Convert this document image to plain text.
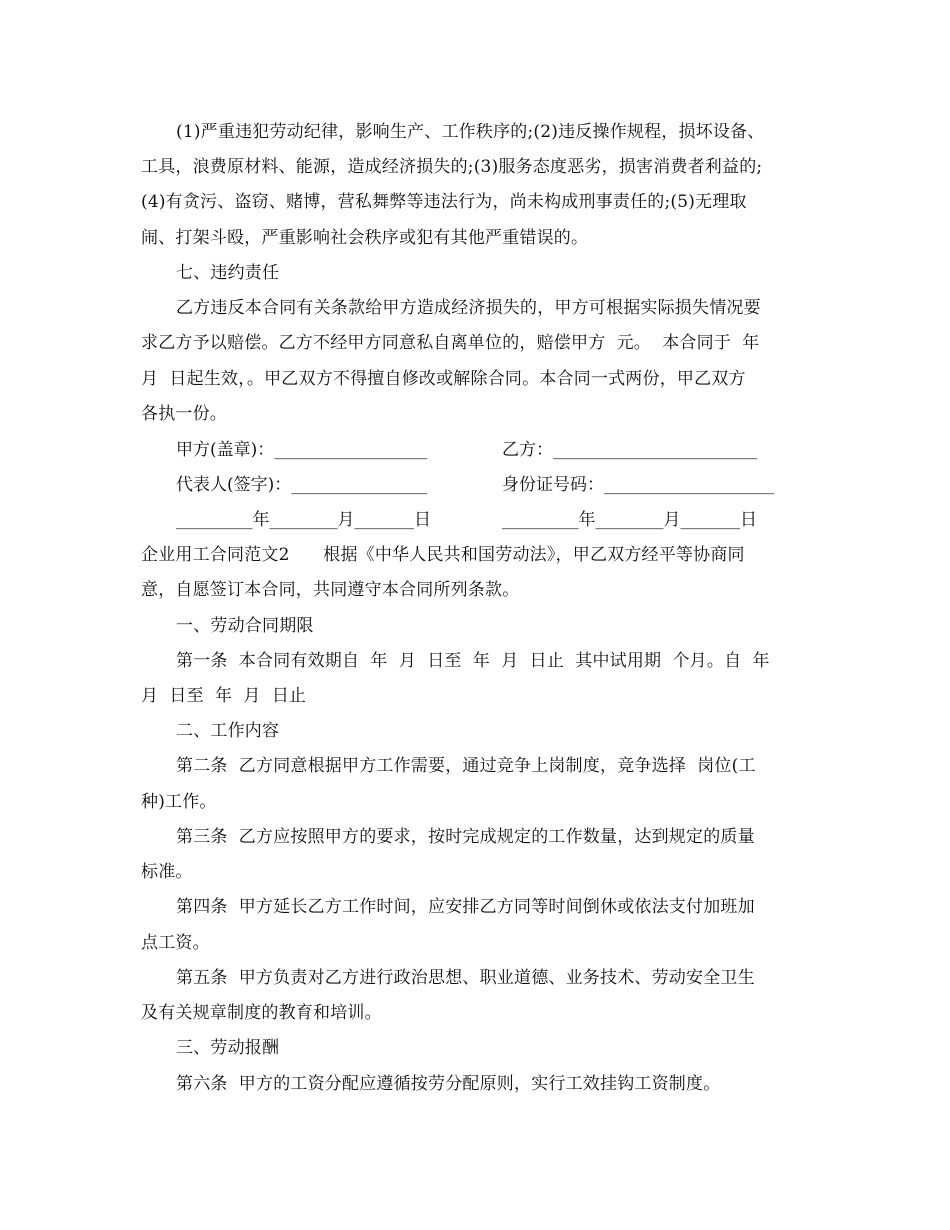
(1)严重违犯劳动纪律，影响生产、工作秩序的;(2)违反操作规程，损坏设备、
工具，浪费原材料、能源，造成经济损失的;(3)服务态度恶劣，损害消费者利益的;
(4)有贪污、盗窃、赌博，营私舞弊等违法行为，尚未构成刑事责任的;(5)无理取
闹、打架斗殴，严重影响社会秩序或犯有其他严重错误的。
七、违约责任
乙方违反本合同有关条款给甲方造成经济损失的，甲方可根据实际损失情况要
求乙方予以赔偿。乙方不经甲方同意私自离单位的，赔偿甲方  元。  本合同于  年
月  日起生效，。甲乙双方不得擅自修改或解除合同。本合同一式两份，甲乙双方
各执一份。
甲方(盖章)：__________________	乙方：________________________
代表人(签字)：________________	身份证号码：____________________
_________年________月_______日	_________年________月_______日
企业用工合同范文2      根据《中华人民共和国劳动法》，甲乙双方经平等协商同
意，自愿签订本合同，共同遵守本合同所列条款。
一、劳动合同期限
第一条  本合同有效期自  年  月  日至  年  月  日止  其中试用期  个月。自  年
月  日至  年  月  日止
二、工作内容
第二条  乙方同意根据甲方工作需要，通过竞争上岗制度，竞争选择  岗位(工
种)工作。
第三条  乙方应按照甲方的要求，按时完成规定的工作数量，达到规定的质量
标准。
第四条  甲方延长乙方工作时间，应安排乙方同等时间倒休或依法支付加班加
点工资。
第五条  甲方负责对乙方进行政治思想、职业道德、业务技术、劳动安全卫生
及有关规章制度的教育和培训。
三、劳动报酬
第六条  甲方的工资分配应遵循按劳分配原则，实行工效挂钩工资制度。
